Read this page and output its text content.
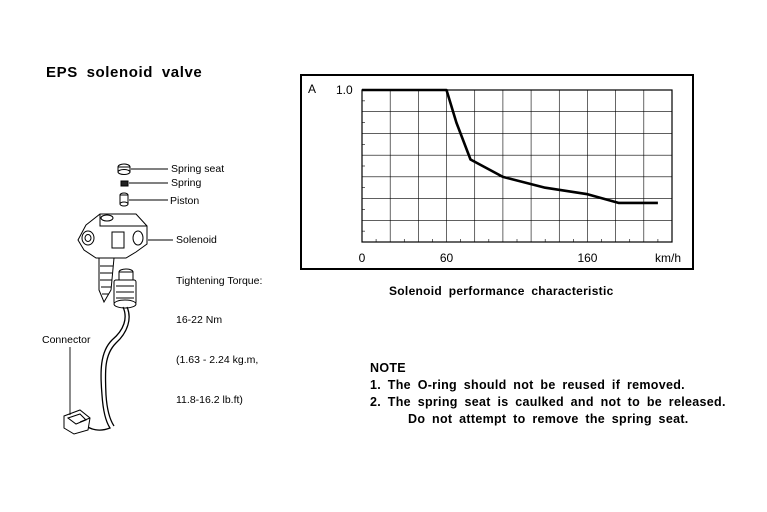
EPS solenoid valve
Spring seat
Spring
Piston
Solenoid

Tightening Torque:

16-22 Nm

(1.63 - 2.24 kg.m,

11.8-16.2 lb.ft)

Connector
A 1.0
km/h
0	60	160
Solenoid performance characteristic
NOTE
1. The O-ring should not be reused if removed.
2. The spring seat is caulked and not to be released.
Do not attempt to remove the spring seat.
